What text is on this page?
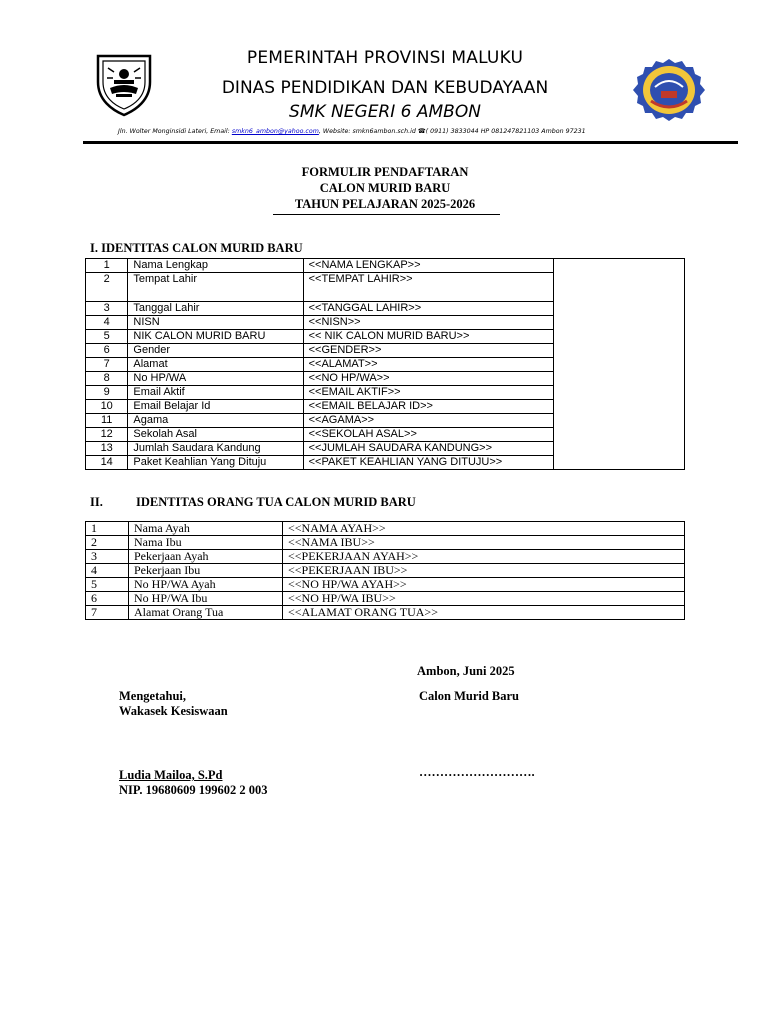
PEMERINTAH PROVINSI MALUKU
DINAS PENDIDIKAN DAN KEBUDAYAAN
SMK NEGERI 6 AMBON
Jln. Wolter Monginsidi Lateri, Email: smkn6_ambon@yahoo.com, Website: smkn6ambon.sch.id ☎( 0911) 3833044 HP 081247821103 Ambon 97231
FORMULIR PENDAFTARAN
CALON MURID BARU
TAHUN PELAJARAN 2025-2026
I. IDENTITAS CALON MURID BARU
1	Nama Lengkap	<<NAMA LENGKAP>>	
2	Tempat Lahir	<<TEMPAT LAHIR>>	
3	Tanggal Lahir	<<TANGGAL LAHIR>>	
4	NISN	<<NISN>>	
5	NIK CALON MURID BARU	<< NIK CALON MURID BARU>>	
6	Gender	<<GENDER>>	
7	Alamat	<<ALAMAT>>	
8	No HP/WA	<<NO HP/WA>>	
9	Email Aktif	<<EMAIL AKTIF>>	
10	Email Belajar Id	<<EMAIL BELAJAR ID>>	
11	Agama	<<AGAMA>>	
12	Sekolah Asal	<<SEKOLAH ASAL>>	
13	Jumlah Saudara Kandung	<<JUMLAH SAUDARA KANDUNG>>	
14	Paket Keahlian Yang Dituju	<<PAKET KEAHLIAN YANG DITUJU>>	
II.	IDENTITAS ORANG TUA CALON MURID BARU
1	Nama Ayah	<<NAMA AYAH>>
2	Nama Ibu	<<NAMA IBU>>
3	Pekerjaan Ayah	<<PEKERJAAN AYAH>>
4	Pekerjaan Ibu	<<PEKERJAAN IBU>>
5	No HP/WA Ayah	<<NO HP/WA AYAH>>
6	No HP/WA Ibu	<<NO HP/WA IBU>>
7	Alamat Orang Tua	<<ALAMAT ORANG TUA>>
Ambon, Juni 2025
Mengetahui,	Calon Murid Baru
Wakasek Kesiswaan
Ludia Mailoa, S.Pd	……………………….
NIP. 19680609 199602 2 003
